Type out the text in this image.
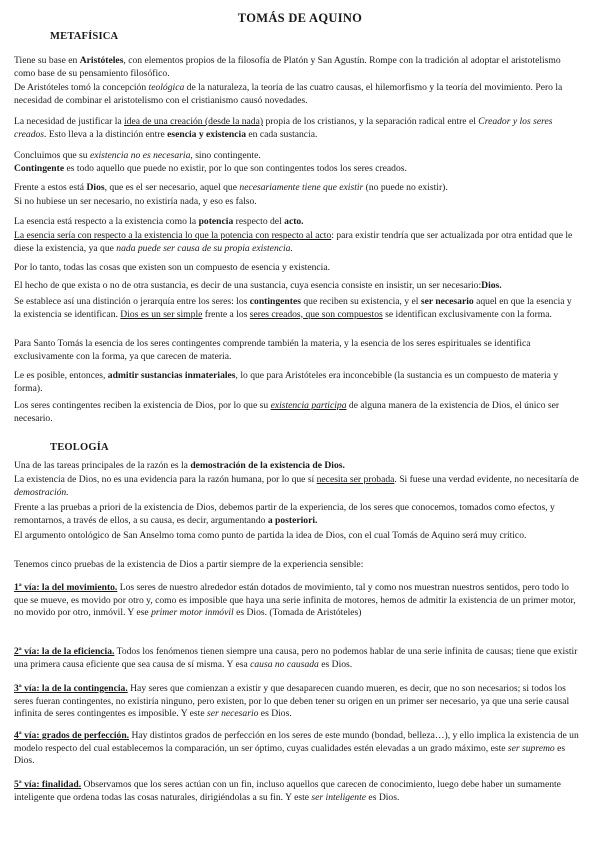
TOMÁS DE AQUINO
METAFÍSICA
TEOLOGÍA

Tiene su base en Aristóteles, con elementos propios de la filosofía de Platón y San Agustín. Rompe con la tradición al adoptar el aristotelismo como base de su pensamiento filosófico.

De Aristóteles tomó la concepción teológica de la naturaleza, la teoría de las cuatro causas, el hilemorfismo y la teoría del movimiento. Pero la necesidad de combinar el aristotelismo con el cristianismo causó novedades.

La necesidad de justificar la idea de una creación (desde la nada) propia de los cristianos, y la separación radical entre el Creador y los seres creados. Esto lleva a la distinción entre esencia y existencia en cada sustancia.

Concluimos que su existencia no es necesaria, sino contingente.

Contingente es todo aquello que puede no existir, por lo que son contingentes todos los seres creados.

Frente a estos está Dios, que es el ser necesario, aquel que necesariamente tiene que existir (no puede no existir).

Si no hubiese un ser necesario, no existiría nada, y eso es falso.

La esencia está respecto a la existencia como la potencia respecto del acto.

La esencia sería con respecto a la existencia lo que la potencia con respecto al acto: para existir tendría que ser actualizada por otra entidad que le diese la existencia, ya que nada puede ser causa de su propia existencia.

Por lo tanto, todas las cosas que existen son un compuesto de esencia y existencia.

El hecho de que exista o no de otra sustancia, es decir de una sustancia, cuya esencia consiste en insistir, un ser necesario:Dios.

Se establece así una distinción o jerarquía entre los seres: los contingentes que reciben su existencia, y el ser necesario aquel en que la esencia y la existencia se identifican. Dios es un ser simple frente a los seres creados, que son compuestos se identifican exclusivamente con la forma.

Para Santo Tomás la esencia de los seres contingentes comprende también la materia, y la esencia de los seres espirituales se identifica exclusivamente con la forma, ya que carecen de materia.

Le es posible, entonces, admitir sustancias inmateriales, lo que para Aristóteles era inconcebible (la sustancia es un compuesto de materia y forma).

Los seres contingentes reciben la existencia de Dios, por lo que su existencia participa de alguna manera de la existencia de Dios, el único ser necesario.

Una de las tareas principales de la razón es la demostración de la existencia de Dios.

La existencia de Dios, no es una evidencia para la razón humana, por lo que sí necesita ser probada. Si fuese una verdad evidente, no necesitaría de demostración.

Frente a las pruebas a priori de la existencia de Dios, debemos partir de la experiencia, de los seres que conocemos, tomados como efectos, y remontarnos, a través de ellos, a su causa, es decir, argumentando a posteriori.

El argumento ontológico de San Anselmo toma como punto de partida la idea de Dios, con el cual Tomás de Aquino será muy crítico.

Tenemos cinco pruebas de la existencia de Dios a partir siempre de la experiencia sensible:

1ª vía: la del movimiento. Los seres de nuestro alrededor están dotados de movimiento, tal y como nos muestran nuestros sentidos, pero todo lo que se mueve, es movido por otro y, como es imposible que haya una serie infinita de motores, hemos de admitir la existencia de un primer motor, no movido por otro, inmóvil. Y ese primer motor inmóvil es Dios. (Tomada de Aristóteles)

2ª vía: la de la eficiencia. Todos los fenómenos tienen siempre una causa, pero no podemos hablar de una serie infinita de causas; tiene que existir una primera causa eficiente que sea causa de sí misma. Y esa causa no causada es Dios.

3ª vía: la de la contingencia. Hay seres que comienzan a existir y que desaparecen cuando mueren, es decir, que no son necesarios; si todos los seres fueran contingentes, no existiría ninguno, pero existen, por lo que deben tener su origen en un primer ser necesario, ya que una serie causal infinita de seres contingentes es imposible. Y este ser necesario es Dios.

4ª vía: grados de perfección. Hay distintos grados de perfección en los seres de este mundo (bondad, belleza…), y ello implica la existencia de un modelo respecto del cual establecemos la comparación, un ser óptimo, cuyas cualidades estén elevadas a un grado máximo, este ser supremo es Dios.

5ª vía: finalidad. Observamos que los seres actúan con un fin, incluso aquellos que carecen de conocimiento, luego debe haber un sumamente inteligente que ordena todas las cosas naturales, dirigiéndolas a su fin. Y este ser inteligente es Dios.
